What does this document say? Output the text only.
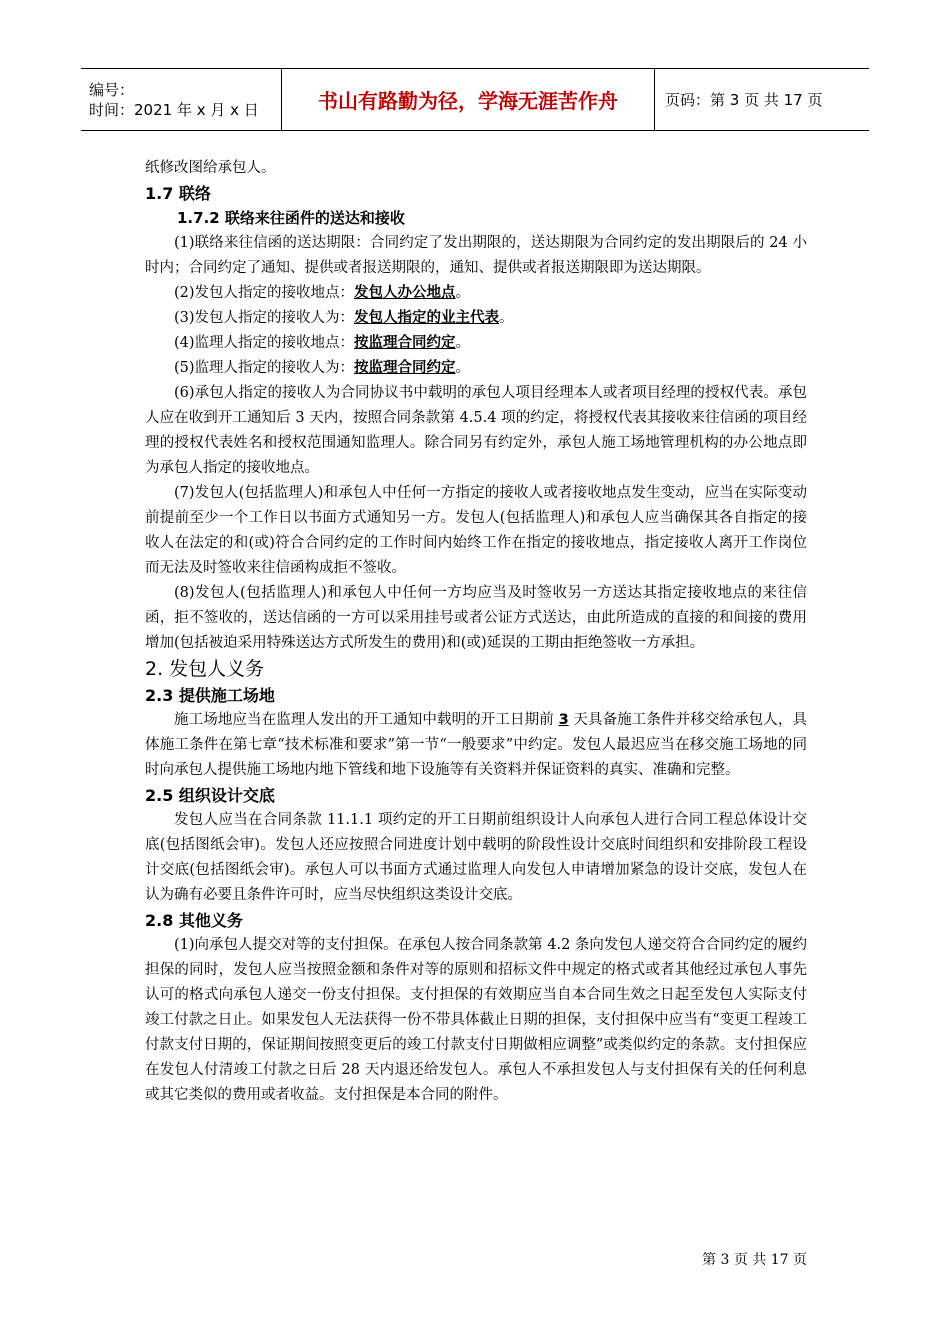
编号：
时间：2021 年 x 月 x 日	书山有路勤为径，学海无涯苦作舟	页码：第 3 页 共 17 页

纸修改图给承包人。

1.7 联络

1.7.2 联络来往函件的送达和接收

(1)联络来往信函的送达期限：合同约定了发出期限的，送达期限为合同约定的发出期限后的 24 小时内；合同约定了通知、提供或者报送期限的，通知、提供或者报送期限即为送达期限。

(2)发包人指定的接收地点：发包人办公地点。

(3)发包人指定的接收人为：发包人指定的业主代表。

(4)监理人指定的接收地点：按监理合同约定。

(5)监理人指定的接收人为：按监理合同约定。

(6)承包人指定的接收人为合同协议书中载明的承包人项目经理本人或者项目经理的授权代表。承包人应在收到开工通知后 3 天内，按照合同条款第 4.5.4 项的约定，将授权代表其接收来往信函的项目经理的授权代表姓名和授权范围通知监理人。除合同另有约定外，承包人施工场地管理机构的办公地点即为承包人指定的接收地点。

(7)发包人(包括监理人)和承包人中任何一方指定的接收人或者接收地点发生变动，应当在实际变动前提前至少一个工作日以书面方式通知另一方。发包人(包括监理人)和承包人应当确保其各自指定的接收人在法定的和(或)符合合同约定的工作时间内始终工作在指定的接收地点，指定接收人离开工作岗位而无法及时签收来往信函构成拒不签收。

(8)发包人(包括监理人)和承包人中任何一方均应当及时签收另一方送达其指定接收地点的来往信函，拒不签收的，送达信函的一方可以采用挂号或者公证方式送达，由此所造成的直接的和间接的费用增加(包括被迫采用特殊送达方式所发生的费用)和(或)延误的工期由拒绝签收一方承担。

2. 发包人义务

2.3 提供施工场地

施工场地应当在监理人发出的开工通知中载明的开工日期前 3 天具备施工条件并移交给承包人，具体施工条件在第七章“技术标准和要求”第一节“一般要求”中约定。发包人最迟应当在移交施工场地的同时向承包人提供施工场地内地下管线和地下设施等有关资料并保证资料的真实、准确和完整。

2.5 组织设计交底

发包人应当在合同条款 11.1.1 项约定的开工日期前组织设计人向承包人进行合同工程总体设计交底(包括图纸会审)。发包人还应按照合同进度计划中载明的阶段性设计交底时间组织和安排阶段工程设计交底(包括图纸会审)。承包人可以书面方式通过监理人向发包人申请增加紧急的设计交底，发包人在认为确有必要且条件许可时，应当尽快组织这类设计交底。

2.8 其他义务

(1)向承包人提交对等的支付担保。在承包人按合同条款第 4.2 条向发包人递交符合合同约定的履约担保的同时，发包人应当按照金额和条件对等的原则和招标文件中规定的格式或者其他经过承包人事先认可的格式向承包人递交一份支付担保。支付担保的有效期应当自本合同生效之日起至发包人实际支付竣工付款之日止。如果发包人无法获得一份不带具体截止日期的担保，支付担保中应当有“变更工程竣工付款支付日期的，保证期间按照变更后的竣工付款支付日期做相应调整”或类似约定的条款。支付担保应在发包人付清竣工付款之日后 28 天内退还给发包人。承包人不承担发包人与支付担保有关的任何利息或其它类似的费用或者收益。支付担保是本合同的附件。

第 3 页 共 17 页
